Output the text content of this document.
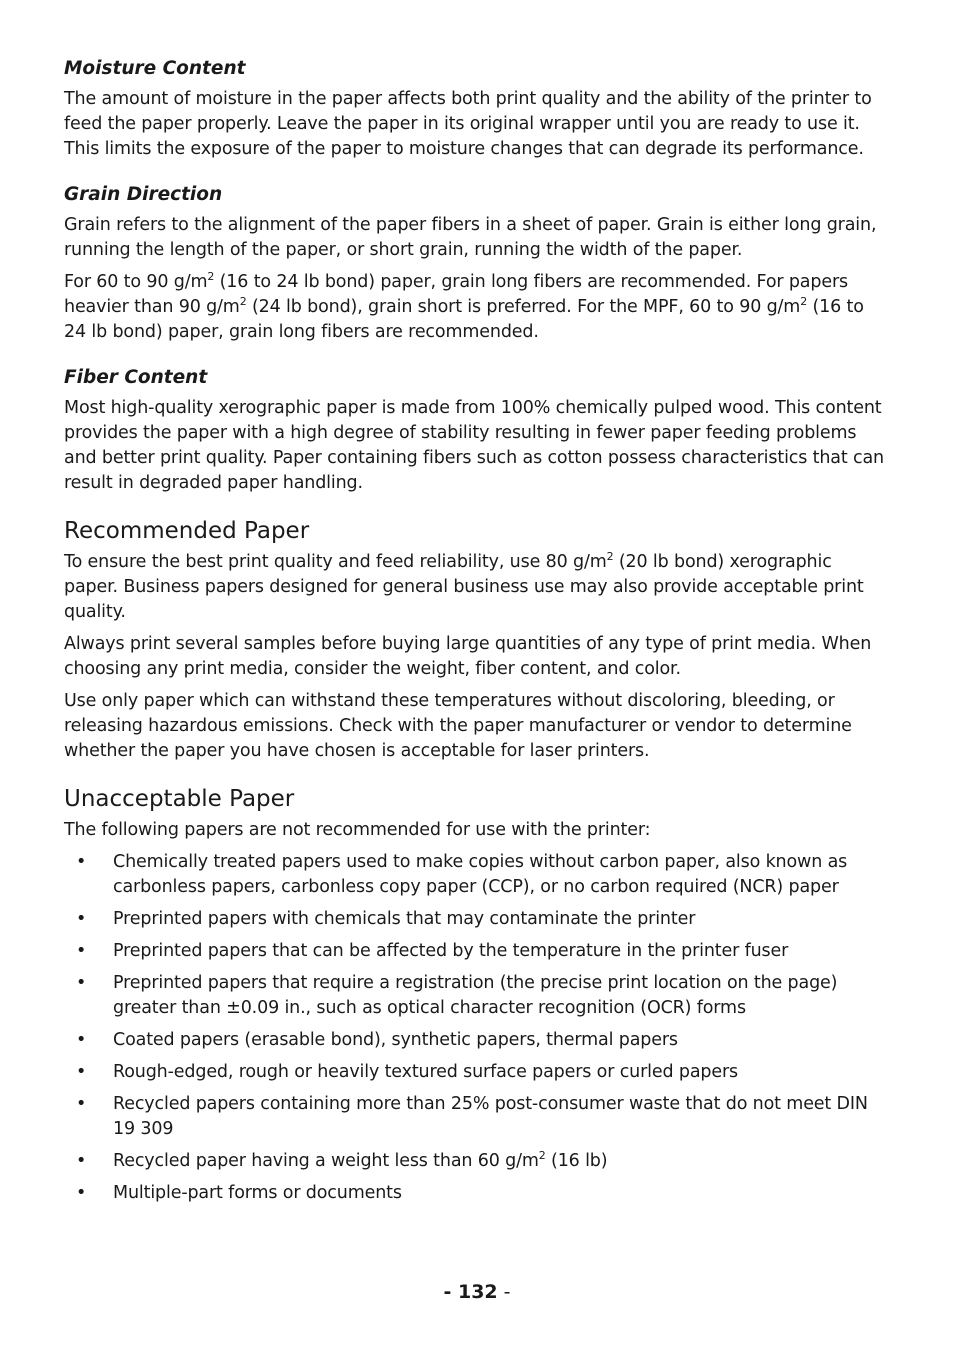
Moisture Content

The amount of moisture in the paper affects both print quality and the ability of the printer to feed the paper properly. Leave the paper in its original wrapper until you are ready to use it. This limits the exposure of the paper to moisture changes that can degrade its performance.

Grain Direction

Grain refers to the alignment of the paper fibers in a sheet of paper. Grain is either long grain, running the length of the paper, or short grain, running the width of the paper.

For 60 to 90 $g/m^2$ (16 to 24 lb bond) paper, grain long fibers are recommended. For papers heavier than 90 $g/m^2$ (24 lb bond), grain short is preferred. For the MPF, 60 to 90 $g/m^2$ (16 to 24 lb bond) paper, grain long fibers are recommended.

Fiber Content

Most high-quality xerographic paper is made from 100% chemically pulped wood. This content provides the paper with a high degree of stability resulting in fewer paper feeding problems and better print quality. Paper containing fibers such as cotton possess characteristics that can result in degraded paper handling.

Recommended Paper

To ensure the best print quality and feed reliability, use 80 $g/m^2$ (20 lb bond) xerographic paper. Business papers designed for general business use may also provide acceptable print quality.

Always print several samples before buying large quantities of any type of print media. When choosing any print media, consider the weight, fiber content, and color.

Use only paper which can withstand these temperatures without discoloring, bleeding, or releasing hazardous emissions. Check with the paper manufacturer or vendor to determine whether the paper you have chosen is acceptable for laser printers.

Unacceptable Paper

The following papers are not recommended for use with the printer:

• Chemically treated papers used to make copies without carbon paper, also known as carbonless papers, carbonless copy paper (CCP), or no carbon required (NCR) paper
• Preprinted papers with chemicals that may contaminate the printer
• Preprinted papers that can be affected by the temperature in the printer fuser
• Preprinted papers that require a registration (the precise print location on the page) greater than ±0.09 in., such as optical character recognition (OCR) forms
• Coated papers (erasable bond), synthetic papers, thermal papers
• Rough-edged, rough or heavily textured surface papers or curled papers
• Recycled papers containing more than 25% post-consumer waste that do not meet DIN 19 309
• Recycled paper having a weight less than 60 $g/m^2$ (16 lb)
• Multiple-part forms or documents
- 132 -
